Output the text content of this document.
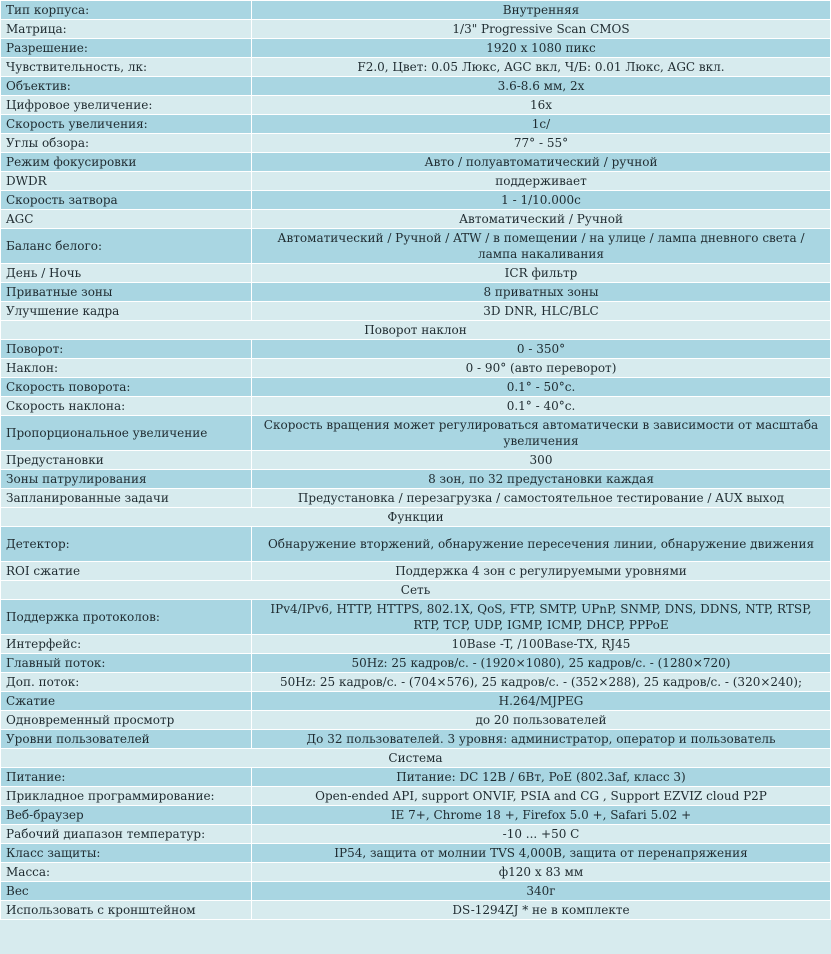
Тип корпуса:	Внутренняя
Матрица:	1/3" Progressive Scan CMOS
Разрешение:	1920 x 1080 пикс
Чувствительность, лк:	F2.0, Цвет: 0.05 Люкс, AGC вкл, Ч/Б: 0.01 Люкс, AGC вкл.
Объектив:	3.6-8.6 мм, 2x
Цифровое увеличение:	16x
Скорость увеличения:	1с/
Углы обзора:	77° - 55°
Режим фокусировки	Авто / полуавтоматический / ручной
DWDR	поддерживает
Скорость затвора	1 - 1/10.000с
AGC	Автоматический / Ручной
Баланс белого:	Автоматический / Ручной / ATW / в помещении / на улице / лампа дневного света / лампа накаливания
День / Ночь	ICR фильтр
Приватные зоны	8 приватных зоны
Улучшение кадра	3D DNR, HLC/BLC
Поворот наклон	
Поворот:	0 - 350°
Наклон:	0 - 90° (авто переворот)
Скорость поворота:	0.1° - 50°c.
Скорость наклона:	0.1° - 40°c.
Пропорциональное увеличение	Скорость вращения может регулироваться автоматически в зависимости от масштаба увеличения
Предустановки	300
Зоны патрулирования	8 зон, по 32 предустановки каждая
Запланированные задачи	Предустановка / перезагрузка / самостоятельное тестирование / AUX выход
Функции	
Детектор:	Обнаружение вторжений, обнаружение пересечения линии, обнаружение движения
ROI сжатие	Поддержка 4 зон с регулируемыми уровнями
Сеть	
Поддержка протоколов:	IPv4/IPv6, HTTP, HTTPS, 802.1X, QoS, FTP, SMTP, UPnP, SNMP, DNS, DDNS, NTP, RTSP, RTP, TCP, UDP, IGMP, ICMP, DHCP, PPPoE
Интерфейс:	10Base -T, /100Base-TX, RJ45
Главный поток:	50Hz: 25 кадров/с. - (1920×1080), 25 кадров/с. - (1280×720)
Доп. поток:	50Hz: 25 кадров/с. - (704×576), 25 кадров/с. - (352×288), 25 кадров/с. - (320×240);
Сжатие	H.264/MJPEG
Одновременный просмотр	до 20 пользователей
Уровни пользователей	До 32 пользователей. 3 уровня: администратор, оператор и пользователь
Система	
Питание:	Питание: DC 12В / 6Вт, PoE (802.3af, класс 3)
Прикладное программирование:	Open-ended API, support ONVIF, PSIA and CG , Support EZVIZ cloud P2P
Веб-браузер	IE 7+, Chrome 18 +, Firefox 5.0 +, Safari 5.02 +
Рабочий диапазон температур:	-10 ... +50 С
Класс защиты:	IP54, защита от молнии TVS 4,000В, защита от перенапряжения
Масса:	ф120 x 83 мм
Вес	340г
Использовать с кронштейном	DS-1294ZJ * не в комплекте
